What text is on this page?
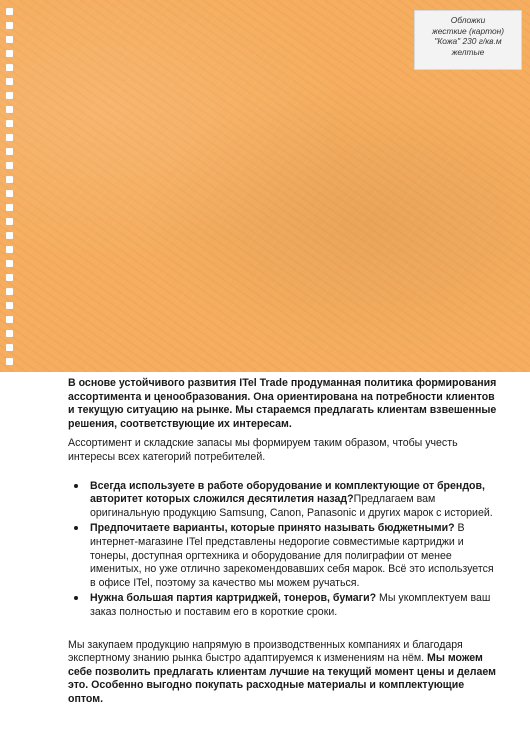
Обложки
жесткие (картон)
"Кожа" 230 г/кв.м
желтые

В основе устойчивого развития ITel Trade продуманная политика формирования ассортимента и ценообразования. Она ориентирована на потребности клиентов и текущую ситуацию на рынке. Мы стараемся предлагать клиентам взвешенные решения, соответствующие их интересам.

Ассортимент и складские запасы мы формируем таким образом, чтобы учесть интересы всех категорий потребителей.

• Всегда используете в работе оборудование и комплектующие от брендов, авторитет которых сложился десятилетия назад?Предлагаем вам оригинальную продукцию Samsung, Canon, Panasonic и других марок с историей.
• Предпочитаете варианты, которые принято называть бюджетными? В интернет-магазине ITel представлены недорогие совместимые картриджи и тонеры, доступная оргтехника и оборудование для полиграфии от менее именитых, но уже отлично зарекомендовавших себя марок. Всё это используется в офисе ITel, поэтому за качество мы можем ручаться.
• Нужна большая партия картриджей, тонеров, бумаги? Мы укомплектуем ваш заказ полностью и поставим его в короткие сроки.

Мы закупаем продукцию напрямую в производственных компаниях и благодаря экспертному знанию рынка быстро адаптируемся к изменениям на нём. Мы можем себе позволить предлагать клиентам лучшие на текущий момент цены и делаем это. Особенно выгодно покупать расходные материалы и комплектующие оптом.
